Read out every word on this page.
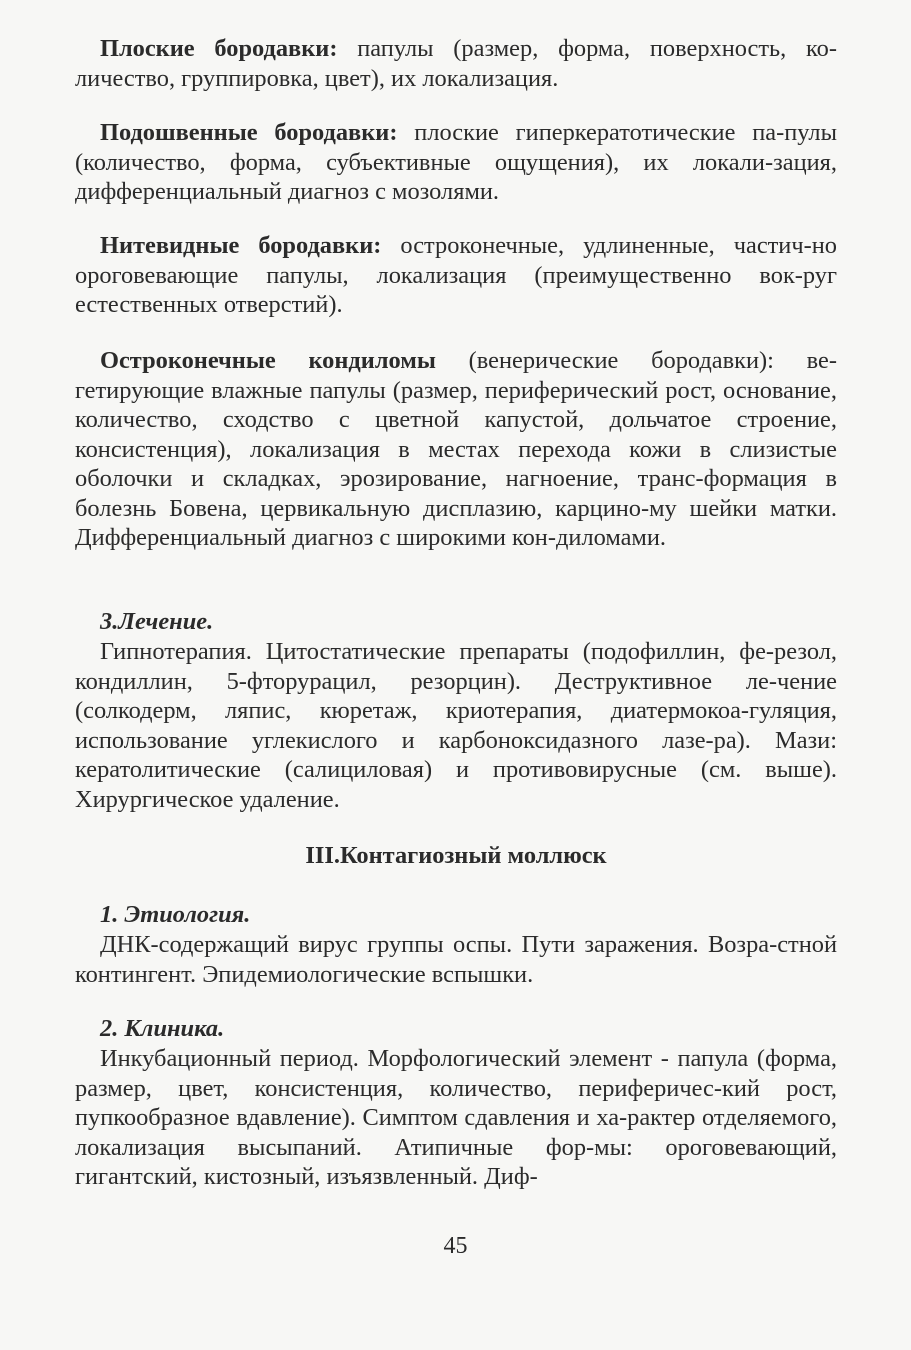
Плоские бородавки: папулы (размер, форма, поверхность, ко-личество, группировка, цвет), их локализация.

Подошвенные бородавки: плоские гиперкератотические па-пулы (количество, форма, субъективные ощущения), их локали-зация, дифференциальный диагноз с мозолями.

Нитевидные бородавки: остроконечные, удлиненные, частич-но ороговевающие папулы, локализация (преимущественно вок-руг естественных отверстий).

Остроконечные кондиломы (венерические бородавки): ве-гетирующие влажные папулы (размер, периферический рост, основание, количество, сходство с цветной капустой, дольчатое строение, консистенция), локализация в местах перехода кожи в слизистые оболочки и складках, эрозирование, нагноение, транс-формация в болезнь Бовена, цервикальную дисплазию, карцино-му шейки матки. Дифференциальный диагноз с широкими кон-диломами.

3.Лечение.

Гипнотерапия. Цитостатические препараты (подофиллин, фе-резол, кондиллин, 5-фторурацил, резорцин). Деструктивное ле-чение (солкодерм, ляпис, кюретаж, криотерапия, диатермокоа-гуляция, использование углекислого и карбоноксидазного лазе-ра). Мази: кератолитические (салициловая) и противовирусные (см. выше). Хирургическое удаление.

III.Контагиозный моллюск
1. Этиология.

ДНК-содержащий вирус группы оспы. Пути заражения. Возра-стной контингент. Эпидемиологические вспышки.

2. Клиника.

Инкубационный период. Морфологический элемент - папула (форма, размер, цвет, консистенция, количество, периферичес-кий рост, пупкообразное вдавление). Симптом сдавления и ха-рактер отделяемого, локализация высыпаний. Атипичные фор-мы: ороговевающий, гигантский, кистозный, изъязвленный. Диф-

45
